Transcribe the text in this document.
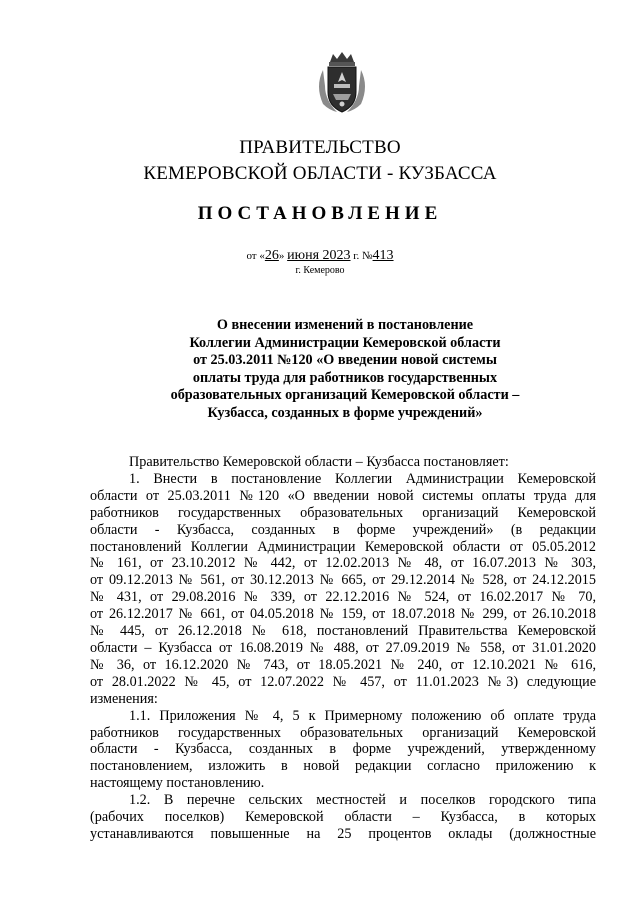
ПРАВИТЕЛЬСТВО
КЕМЕРОВСКОЙ ОБЛАСТИ - КУЗБАССА
ПОСТАНОВЛЕНИЕ
от «26» июня 2023 г. №413
г. Кемерово
О внесении изменений в постановление
Коллегии Администрации Кемеровской области
от 25.03.2011 №120 «О введении новой системы
оплаты труда для работников государственных
образовательных организаций Кемеровской области –
Кузбасса, созданных в форме учреждений»
Правительство Кемеровской области – Кузбасса постановляет:
1. Внести в постановление Коллегии Администрации Кемеровской
области от 25.03.2011 №120 «О введении новой системы оплаты труда для
работников государственных образовательных организаций Кемеровской
области - Кузбасса, созданных в форме учреждений» (в редакции
постановлений Коллегии Администрации Кемеровской области от 05.05.2012
№ 161, от 23.10.2012 № 442, от 12.02.2013 № 48, от 16.07.2013 № 303,
от 09.12.2013 № 561, от 30.12.2013 № 665, от 29.12.2014 № 528, от 24.12.2015
№ 431, от 29.08.2016 № 339, от 22.12.2016 № 524, от 16.02.2017 № 70,
от 26.12.2017 № 661, от 04.05.2018 № 159, от 18.07.2018 № 299, от 26.10.2018
№ 445, от 26.12.2018 № 618, постановлений Правительства Кемеровской
области – Кузбасса от 16.08.2019 № 488, от 27.09.2019 № 558, от 31.01.2020
№ 36, от 16.12.2020 № 743, от 18.05.2021 № 240, от 12.10.2021 № 616,
от 28.01.2022 № 45, от 12.07.2022 № 457, от 11.01.2023 №3) следующие
изменения:
1.1. Приложения № 4, 5 к Примерному положению об оплате труда
работников государственных образовательных организаций Кемеровской
области - Кузбасса, созданных в форме учреждений, утвержденному
постановлением, изложить в новой редакции согласно приложению к
настоящему постановлению.
1.2. В перечне сельских местностей и поселков городского типа
(рабочих поселков) Кемеровской области – Кузбасса, в которых
устанавливаются повышенные на 25 процентов оклады (должностные
